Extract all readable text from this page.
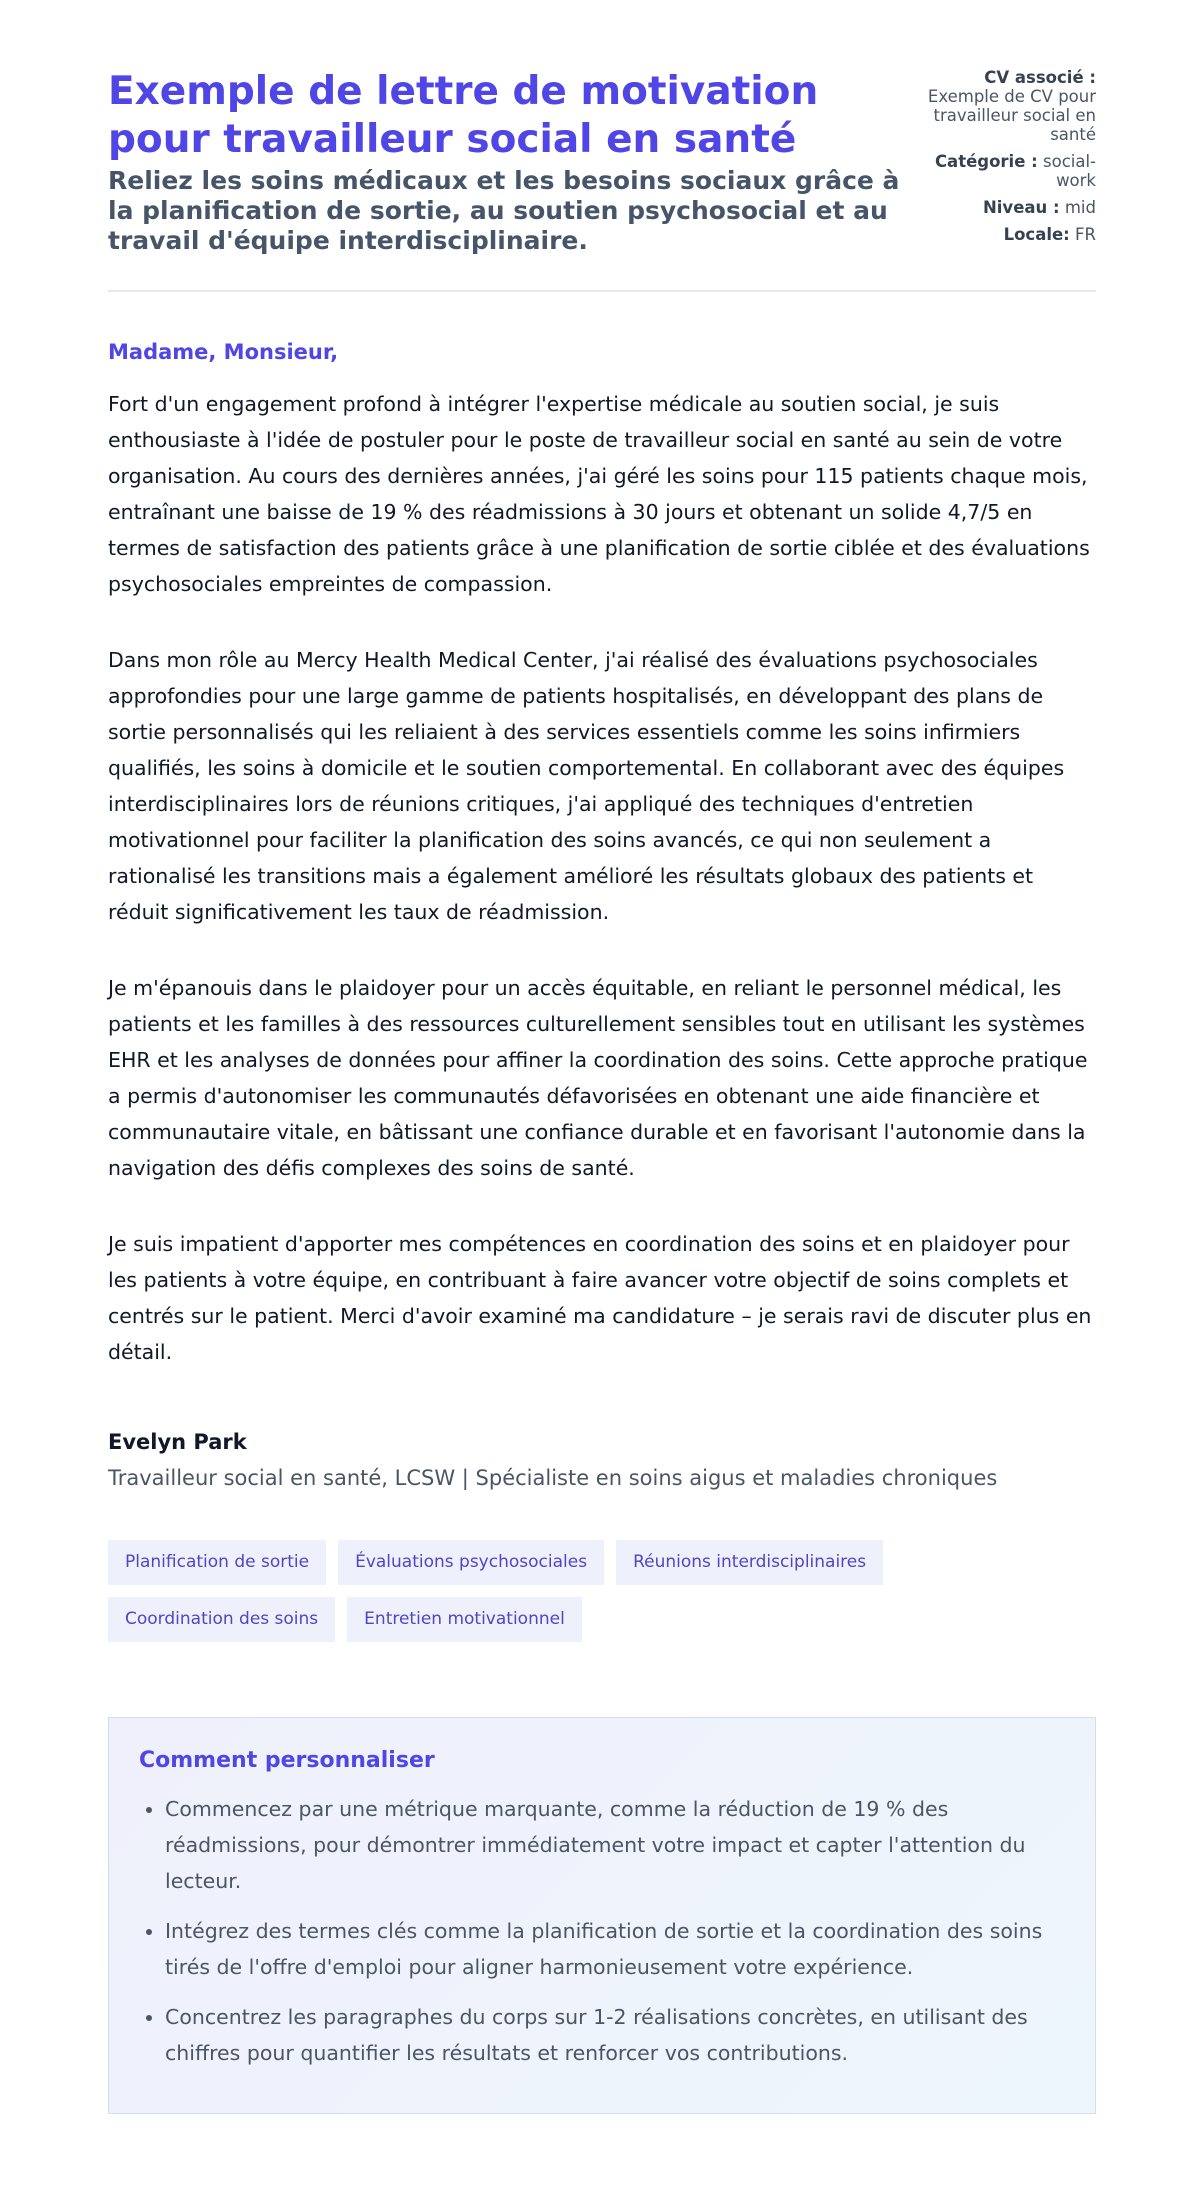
Exemple de lettre de motivation pour travailleur social en santé
Reliez les soins médicaux et les besoins sociaux grâce à la planification de sortie, au soutien psychosocial et au travail d'équipe interdisciplinaire.
CV associé :
Exemple de CV pour travailleur social en santé
Catégorie : social-work
Niveau : mid
Locale: FR

Madame, Monsieur,

Fort d'un engagement profond à intégrer l'expertise médicale au soutien social, je suis enthousiaste à l'idée de postuler pour le poste de travailleur social en santé au sein de votre organisation. Au cours des dernières années, j'ai géré les soins pour 115 patients chaque mois, entraînant une baisse de 19 % des réadmissions à 30 jours et obtenant un solide 4,7/5 en termes de satisfaction des patients grâce à une planification de sortie ciblée et des évaluations psychosociales empreintes de compassion.

Dans mon rôle au Mercy Health Medical Center, j'ai réalisé des évaluations psychosociales approfondies pour une large gamme de patients hospitalisés, en développant des plans de sortie personnalisés qui les reliaient à des services essentiels comme les soins infirmiers qualifiés, les soins à domicile et le soutien comportemental. En collaborant avec des équipes interdisciplinaires lors de réunions critiques, j'ai appliqué des techniques d'entretien motivationnel pour faciliter la planification des soins avancés, ce qui non seulement a rationalisé les transitions mais a également amélioré les résultats globaux des patients et réduit significativement les taux de réadmission.

Je m'épanouis dans le plaidoyer pour un accès équitable, en reliant le personnel médical, les patients et les familles à des ressources culturellement sensibles tout en utilisant les systèmes EHR et les analyses de données pour affiner la coordination des soins. Cette approche pratique a permis d'autonomiser les communautés défavorisées en obtenant une aide financière et communautaire vitale, en bâtissant une confiance durable et en favorisant l'autonomie dans la navigation des défis complexes des soins de santé.

Je suis impatient d'apporter mes compétences en coordination des soins et en plaidoyer pour les patients à votre équipe, en contribuant à faire avancer votre objectif de soins complets et centrés sur le patient. Merci d'avoir examiné ma candidature – je serais ravi de discuter plus en détail.

Evelyn Park
Travailleur social en santé, LCSW | Spécialiste en soins aigus et maladies chroniques
Planification de sortie	Évaluations psychosociales	Réunions interdisciplinaires
Coordination des soins	Entretien motivationnel
Comment personnaliser
• Commencez par une métrique marquante, comme la réduction de 19 % des réadmissions, pour démontrer immédiatement votre impact et capter l'attention du lecteur.
• Intégrez des termes clés comme la planification de sortie et la coordination des soins tirés de l'offre d'emploi pour aligner harmonieusement votre expérience.
• Concentrez les paragraphes du corps sur 1-2 réalisations concrètes, en utilisant des chiffres pour quantifier les résultats et renforcer vos contributions.
